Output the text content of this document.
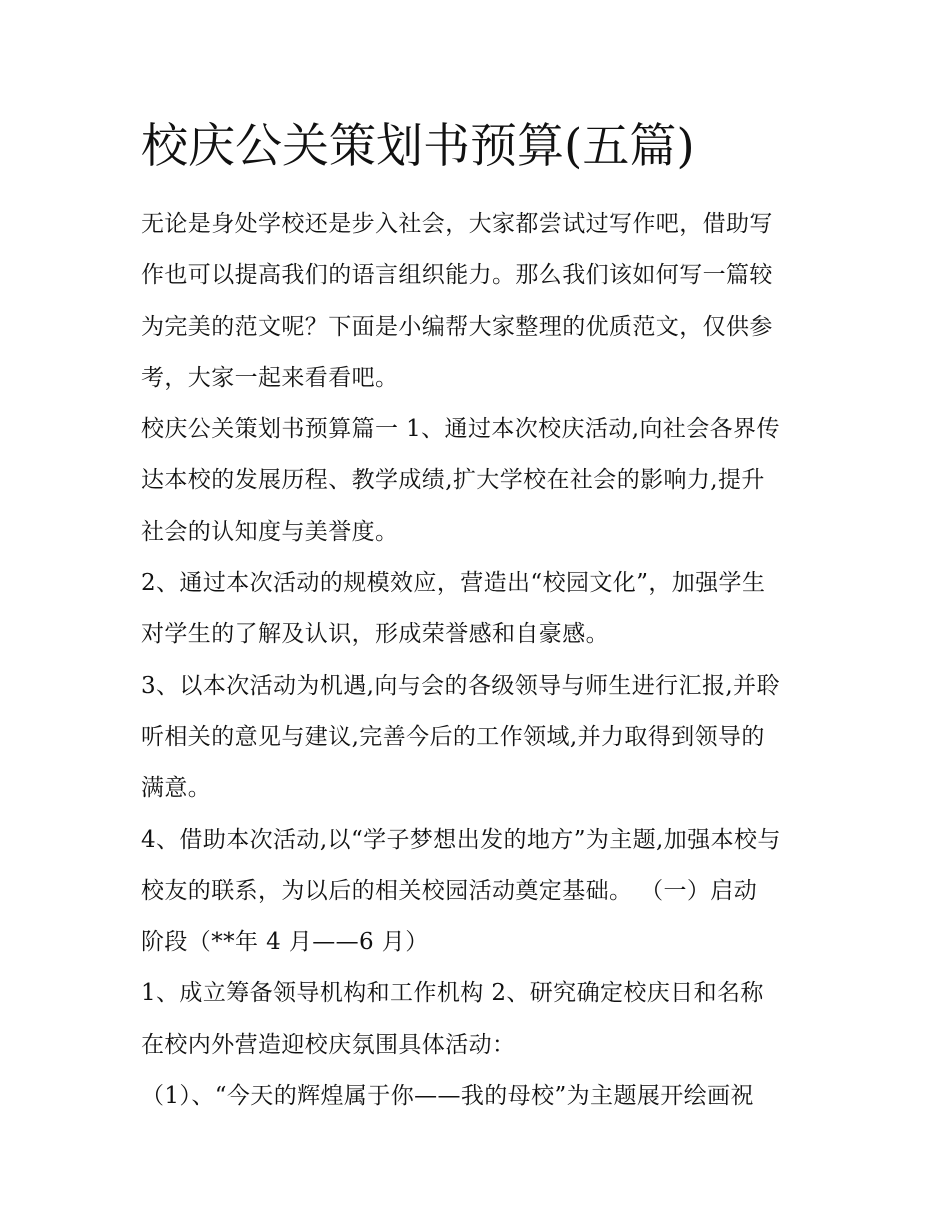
校庆公关策划书预算(五篇)
无论是身处学校还是步入社会，大家都尝试过写作吧，借助写
作也可以提高我们的语言组织能力。那么我们该如何写一篇较
为完美的范文呢？下面是小编帮大家整理的优质范文，仅供参
考，大家一起来看看吧。
校庆公关策划书预算篇一 1、通过本次校庆活动,向社会各界传
达本校的发展历程、教学成绩,扩大学校在社会的影响力,提升
社会的认知度与美誉度。
2、通过本次活动的规模效应，营造出“校园文化”，加强学生
对学生的了解及认识，形成荣誉感和自豪感。
3、以本次活动为机遇,向与会的各级领导与师生进行汇报,并聆
听相关的意见与建议,完善今后的工作领域,并力取得到领导的
满意。
4、借助本次活动,以“学子梦想出发的地方”为主题,加强本校与
校友的联系，为以后的相关校园活动奠定基础。 （一）启动
阶段（**年 4 月——6 月）
1、成立筹备领导机构和工作机构 2、研究确定校庆日和名称
在校内外营造迎校庆氛围具体活动：
（1）、“今天的辉煌属于你——我的母校”为主题展开绘画祝
